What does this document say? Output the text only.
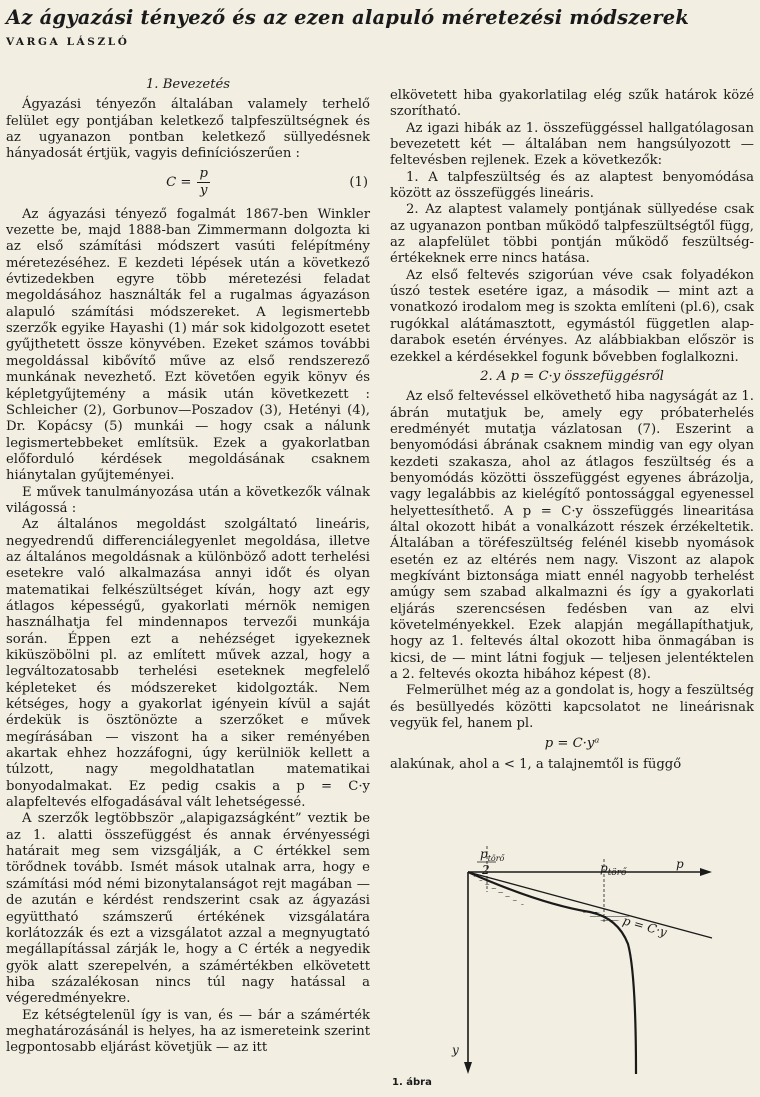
Az ágyazási tényező és az ezen alapuló méretezési módszerek
VARGA LÁSZLÓ

1. Bevezetés

Ágyazási tényezőn általában valamely terhelő felület egy pontjában keletkező talpfeszültségnek és az ugyanazon pontban keletkező süllyedésnek hányadosát értjük, vagyis definíciószerűen :

$C = \frac{p}{y}$	(1)

Az ágyazási tényező fogalmát 1867-ben Winkler vezette be, majd 1888-ban Zimmermann dolgozta ki az első számítási módszert vasúti felépítmény méretezéséhez. E kezdeti lépések után a következő évtizedekben egyre több méretezési feladat megoldásához használták fel a rugalmas ágyazáson alapuló számítási módszereket. A legismertebb szerzők egyike Hayashi (1) már sok kidolgozott esetet gyűjthetett össze könyvében. Ezeket számos további megoldással kibővítő műve az első rendszerező munkának nevezhető. Ezt követően egyik könyv és képletgyűjtemény a másik után következett : Schleicher (2), Gorbunov—Poszadov (3), Hetényi (4), Dr. Kopácsy (5) munkái — hogy csak a nálunk legismertebbeket említsük. Ezek a gyakorlatban előforduló kérdések megoldásának csaknem hiánytalan gyűjteményei.

E művek tanulmányozása után a következők válnak világossá :

Az általános megoldást szolgáltató lineáris, negyedrendű differenciálegyenlet megoldása, illetve az általános megoldásnak a különböző adott terhelési esetekre való alkalmazása annyi időt és olyan matematikai felkészültséget kíván, hogy azt egy átlagos képességű, gyakorlati mérnök nemigen használhatja fel mindennapos tervezői munkája során. Éppen ezt a nehézséget igyekeznek kiküszöbölni pl. az említett művek azzal, hogy a legváltozatosabb terhelési eseteknek megfelelő képleteket és módszereket kidolgozták. Nem kétséges, hogy a gyakorlat igényein kívül a saját érdekük is ösztönözte a szerzőket e művek megírásában — viszont ha a siker reményében akartak ehhez hozzáfogni, úgy kerülniök kellett a túlzott, nagy megoldhatatlan matematikai bonyodalmakat. Ez pedig csakis a p = C·y alapfeltevés elfogadásával vált lehetségessé.

A szerzők legtöbbször „alapigazságként” veztik be az 1. alatti összefüggést és annak érvényességi határait meg sem vizsgálják, a C értékkel sem törődnek tovább. Ismét mások utalnak arra, hogy e számítási mód némi bizonytalanságot rejt magában — de azután e kérdést rendszerint csak az ágyazási együttható számszerű értékének vizsgálatára korlátozzák és ezt a vizsgálatot azzal a megnyugtató megállapítással zárják le, hogy a C érték a negyedik gyök alatt szerepelvén, a számértékben elkövetett hiba százalékosan nincs túl nagy hatással a végeredményekre.

Ez kétségtelenül így is van, és — bár a számérték meghatározásánál is helyes, ha az ismereteink szerint legpontosabb eljárást követjük — az itt

elkövetett hiba gyakorlatilag elég szűk határok közé szorítható.

Az igazi hibák az 1. összefüggéssel hallgatólagosan bevezetett két — általában nem hangsúlyozott — feltevésben rejlenek. Ezek a következők:

1. A talpfeszültség és az alaptest benyomódása között az összefüggés lineáris.

2. Az alaptest valamely pontjának süllyedése csak az ugyanazon pontban működő talpfeszültségtől függ, az alapfelület többi pontján működő feszültség-értékeknek erre nincs hatása.

Az első feltevés szigorúan véve csak folyadékon úszó testek esetére igaz, a második — mint azt a vonatkozó irodalom meg is szokta említeni (pl.6), csak rugókkal alátámasztott, egymástól független alap-darabok esetén érvényes. Az alábbiakban először is ezekkel a kérdésekkel fogunk bővebben foglalkozni.

2. A p = C·y összefüggésről

Az első feltevéssel elkövethető hiba nagyságát az 1. ábrán mutatjuk be, amely egy próbaterhelés eredményét mutatja vázlatosan (7). Eszerint a benyomódási ábrának csaknem mindig van egy olyan kezdeti szakasza, ahol az átlagos feszültség és a benyomódás közötti összefüggést egyenes ábrázolja, vagy legalábbis az kielégítő pontossággal egyenessel helyettesíthető. A p = C·y összefüggés linearitása által okozott hibát a vonalkázott részek érzékeltetik. Általában a töréfeszültség felénél kisebb nyomások esetén ez az eltérés nem nagy. Viszont az alapok megkívánt biztonsága miatt ennél nagyobb terhelést amúgy sem szabad alkalmazni és így a gyakorlati eljárás szerencsésen fedésben van az elvi követelményekkel. Ezek alapján megállapíthatjuk, hogy az 1. feltevés által okozott hiba önmagában is kicsi, de — mint látni fogjuk — teljesen jelentéktelen a 2. feltevés okozta hibához képest (8).

Felmerülhet még az a gondolat is, hogy a feszültség és besüllyedés közötti kapcsolatot ne lineárisnak vegyük fel, hanem pl.

p = C·yᵃ

alakúnak, ahol a < 1, a talajnemtől is függő

$p_{törő}$
2	$p_{törő}$
p
p = C·y
y
1. ábra
